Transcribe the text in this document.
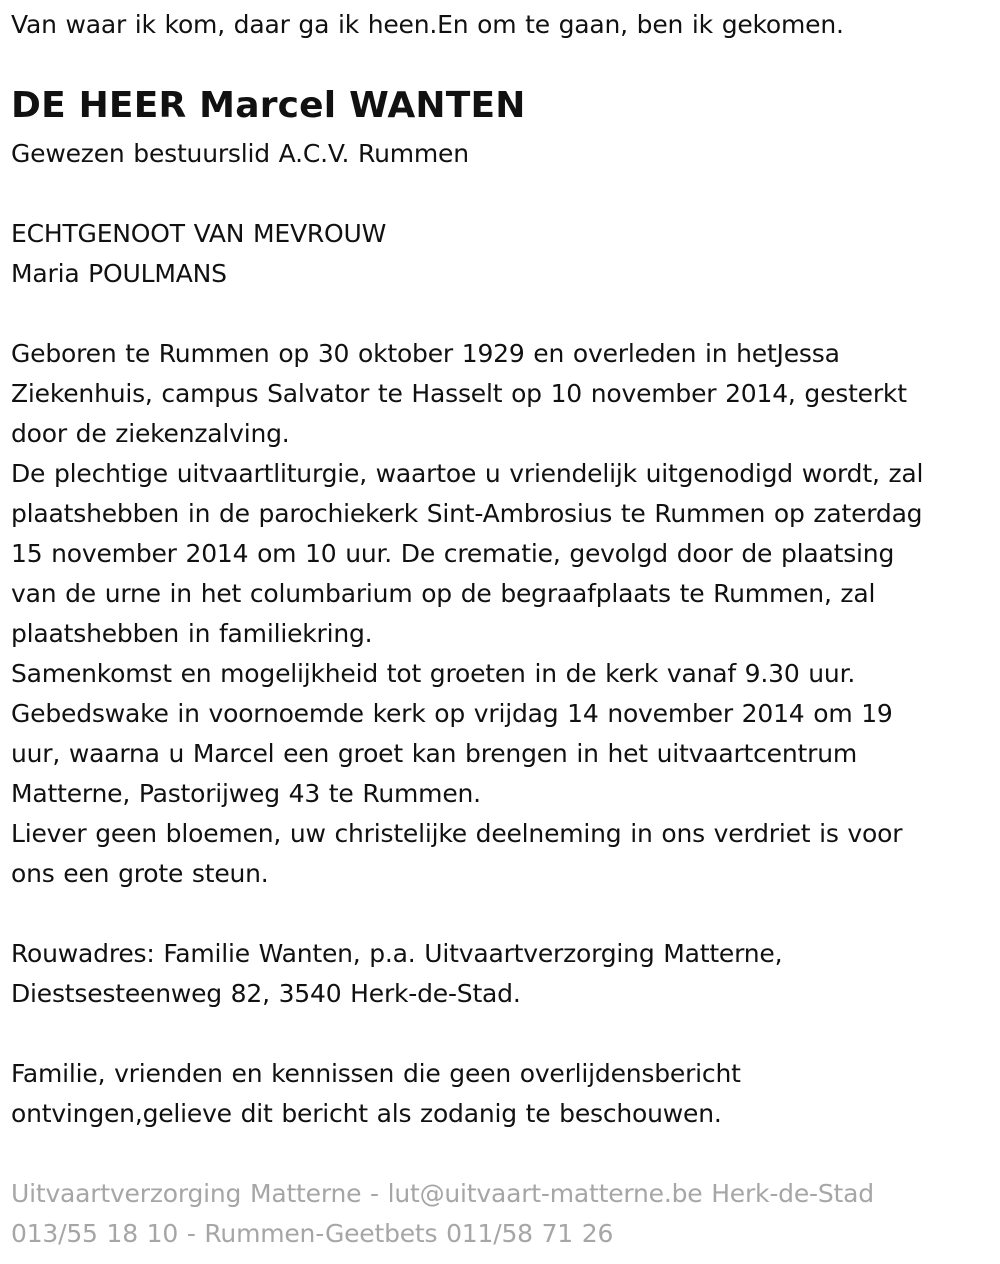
Van waar ik kom, daar ga ik heen.En om te gaan, ben ik gekomen.
DE HEER Marcel WANTEN
Gewezen bestuurslid A.C.V. Rummen
ECHTGENOOT VAN MEVROUW
Maria POULMANS
Geboren te Rummen op 30 oktober 1929 en overleden in hetJessa
Ziekenhuis, campus Salvator te Hasselt op 10 november 2014, gesterkt
door de ziekenzalving.
De plechtige uitvaartliturgie, waartoe u vriendelijk uitgenodigd wordt, zal
plaatshebben in de parochiekerk Sint-Ambrosius te Rummen op zaterdag
15 november 2014 om 10 uur. De crematie, gevolgd door de plaatsing
van de urne in het columbarium op de begraafplaats te Rummen, zal
plaatshebben in familiekring.
Samenkomst en mogelijkheid tot groeten in de kerk vanaf 9.30 uur.
Gebedswake in voornoemde kerk op vrijdag 14 november 2014 om 19
uur, waarna u Marcel een groet kan brengen in het uitvaartcentrum
Matterne, Pastorijweg 43 te Rummen.
Liever geen bloemen, uw christelijke deelneming in ons verdriet is voor
ons een grote steun.
Rouwadres: Familie Wanten, p.a. Uitvaartverzorging Matterne,
Diestsesteenweg 82, 3540 Herk-de-Stad.
Familie, vrienden en kennissen die geen overlijdensbericht
ontvingen,gelieve dit bericht als zodanig te beschouwen.
Uitvaartverzorging Matterne - lut@uitvaart-matterne.be Herk-de-Stad
013/55 18 10 - Rummen-Geetbets 011/58 71 26
